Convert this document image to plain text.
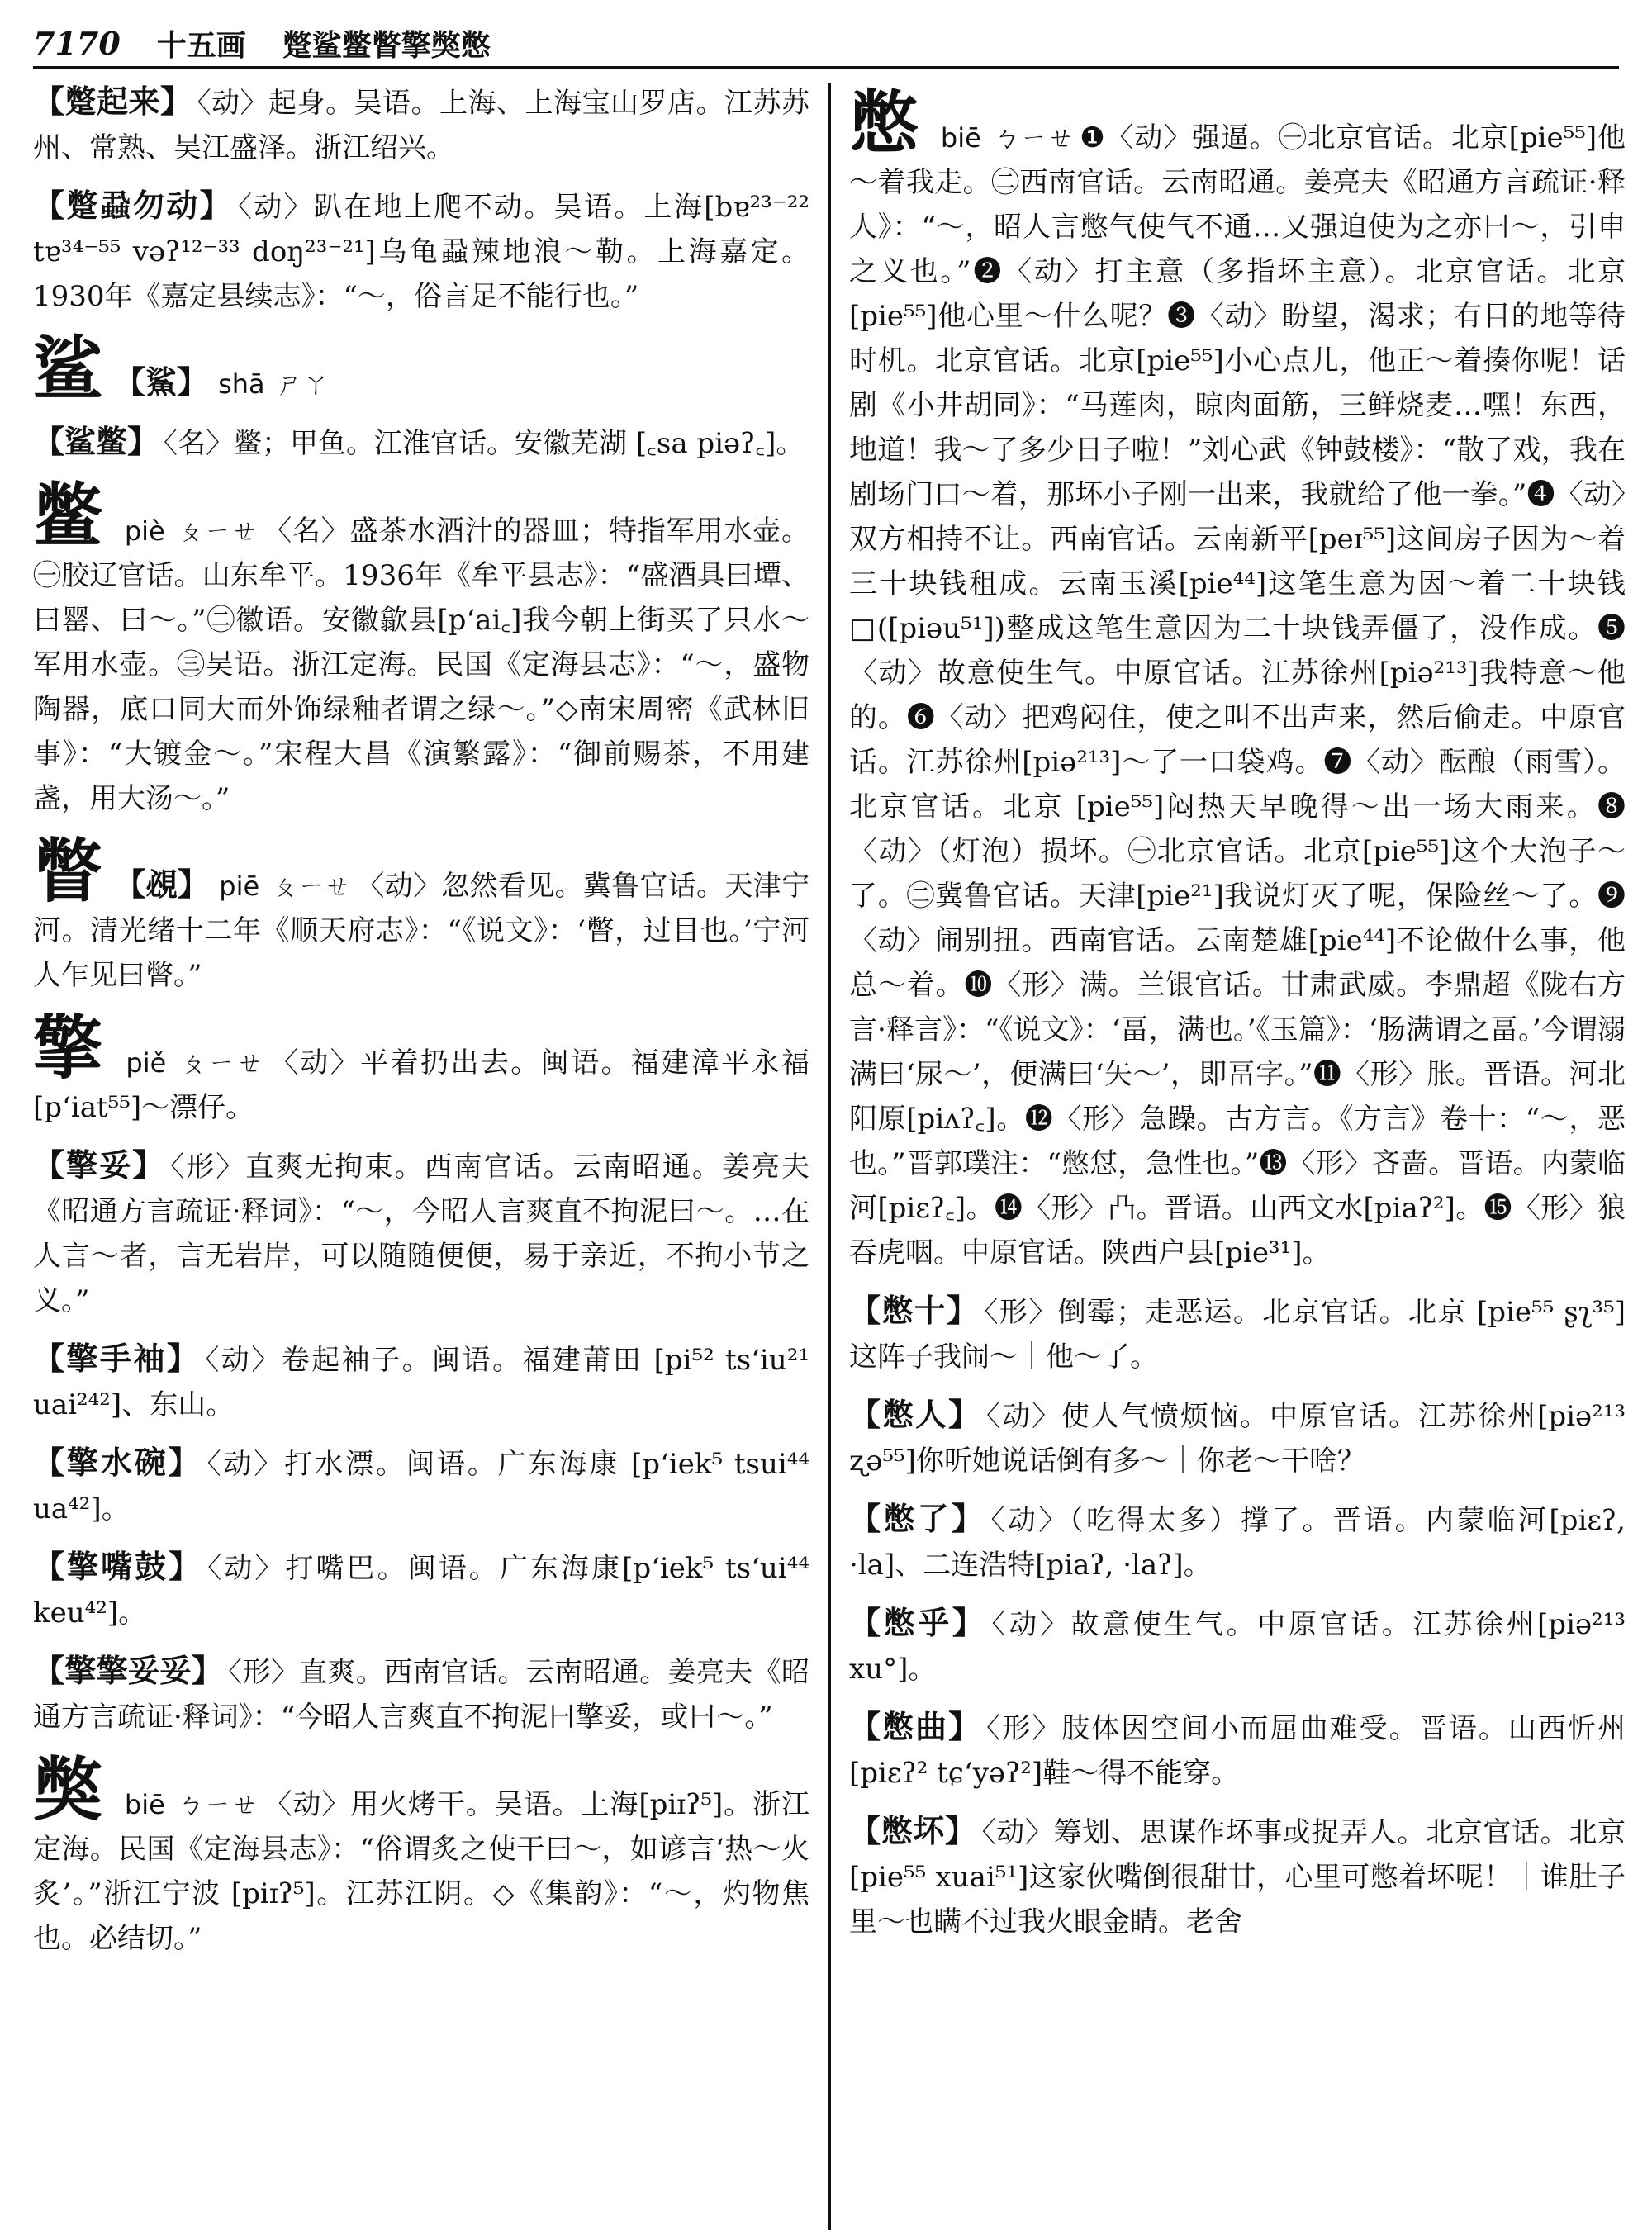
7170 十五画 蹩鲨鳖瞥擎獘憋

【 蹩起来 】 〈动〉起身。吴语。上海、上海宝山罗店。江苏苏州、常熟、吴江盛泽。浙江绍兴。

【 蹩蝨勿动 】 〈动〉趴在地上爬不动。吴语。上海[bɐ²³⁻²² tɐ³⁴⁻⁵⁵ vəʔ¹²⁻³³ doŋ²³⁻²¹]乌龟蝨辣地浪～勒。上海嘉定。1930年《嘉定县续志》：“～，俗言足不能行也。”

鲨 【 鯊 】 shā ㄕㄚ

【 鲨鳖 】 〈名〉鳖；甲鱼。江淮官话。安徽芜湖 [꜀sa piəʔ꜀]。

鳖piè ㄆㄧㄝ 〈名〉盛茶水酒汁的器皿；特指军用水壶。㊀胶辽官话。山东牟平。1936年《牟平县志》：“盛酒具曰墰、曰罂、曰～。”㊁徽语。安徽歙县[p‘ai꜀]我今朝上街买了只水～军用水壶。㊂吴语。浙江定海。民国《定海县志》：“～，盛物陶器，底口同大而外饰绿釉者谓之绿～。”◇南宋周密《武林旧事》：“大镀金～。”宋程大昌《演繁露》：“御前赐茶，不用建盏，用大汤～。”

瞥 【 覕 】 piē ㄆㄧㄝ 〈动〉忽然看见。冀鲁官话。天津宁河。清光绪十二年《顺天府志》：“《说文》：‘瞥，过目也。’宁河人乍见曰瞥。”

擎piě ㄆㄧㄝ 〈动〉平着扔出去。闽语。福建漳平永福[p‘iat⁵⁵]～漂仔。

【 擎妥 】 〈形〉直爽无拘束。西南官话。云南昭通。姜亮夫《昭通方言疏证·释词》：“～，今昭人言爽直不拘泥曰～。…在人言～者，言无岩岸，可以随随便便，易于亲近，不拘小节之义。”

【 擎手袖 】 〈动〉卷起袖子。闽语。福建莆田 [pi⁵² ts‘iu²¹ uai²⁴²]、东山。

【 擎水碗 】 〈动〉打水漂。闽语。广东海康 [p‘iek⁵ tsui⁴⁴ ua⁴²]。

【 擎嘴鼓 】 〈动〉打嘴巴。闽语。广东海康[p‘iek⁵ ts‘ui⁴⁴ keu⁴²]。

【 擎擎妥妥 】 〈形〉直爽。西南官话。云南昭通。姜亮夫《昭通方言疏证·释词》：“今昭人言爽直不拘泥曰擎妥，或曰～。”

獘biē ㄅㄧㄝ 〈动〉用火烤干。吴语。上海[piɪʔ⁵]。浙江定海。民国《定海县志》：“俗谓炙之使干曰～，如谚言‘热～火炙’。”浙江宁波 [piɪʔ⁵]。江苏江阴。◇《集韵》：“～，灼物焦也。必结切。”

憋biē ㄅㄧㄝ ❶〈动〉强逼。㊀北京官话。北京[pie⁵⁵]他～着我走。㊁西南官话。云南昭通。姜亮夫《昭通方言疏证·释人》：“～，昭人言憋气使气不通…又强迫使为之亦曰～，引申之义也。”❷〈动〉打主意（多指坏主意）。北京官话。北京[pie⁵⁵]他心里～什么呢？❸〈动〉盼望，渴求；有目的地等待时机。北京官话。北京[pie⁵⁵]小心点儿，他正～着揍你呢！话剧《小井胡同》：“马莲肉，晾肉面筋，三鲜烧麦…嘿！东西，地道！我～了多少日子啦！”刘心武《钟鼓楼》：“散了戏，我在剧场门口～着，那坏小子刚一出来，我就给了他一拳。”❹〈动〉双方相持不让。西南官话。云南新平[peɪ⁵⁵]这间房子因为～着三十块钱租成。云南玉溪[pie⁴⁴]这笔生意为因～着二十块钱□([piəu⁵¹])整成这笔生意因为二十块钱弄僵了，没作成。❺〈动〉故意使生气。中原官话。江苏徐州[piə²¹³]我特意～他的。❻〈动〉把鸡闷住，使之叫不出声来，然后偷走。中原官话。江苏徐州[piə²¹³]～了一口袋鸡。❼〈动〉酝酿（雨雪）。北京官话。北京 [pie⁵⁵]闷热天早晚得～出一场大雨来。❽〈动〉（灯泡）损坏。㊀北京官话。北京[pie⁵⁵]这个大泡子～了。㊁冀鲁官话。天津[pie²¹]我说灯灭了呢，保险丝～了。❾〈动〉闹别扭。西南官话。云南楚雄[pie⁴⁴]不论做什么事，他总～着。❿〈形〉满。兰银官话。甘肃武威。李鼎超《陇右方言·释言》：“《说文》：‘畐，满也。’《玉篇》：‘肠满谓之畐。’今谓溺满曰‘尿～’，便满曰‘矢～’，即畐字。”⓫〈形〉胀。晋语。河北阳原[piʌʔ꜀]。⓬〈形〉急躁。古方言。《方言》卷十：“～，恶也。”晋郭璞注：“憋怤，急性也。”⓭〈形〉吝啬。晋语。内蒙临河[piɛʔ꜀]。⓮〈形〉凸。晋语。山西文水[piaʔ²]。⓯〈形〉狼吞虎咽。中原官话。陕西户县[pie³¹]。

【 憋十 】 〈形〉倒霉；走恶运。北京官话。北京 [pie⁵⁵ ʂʅ³⁵]这阵子我闹～｜他～了。

【 憋人 】 〈动〉使人气愤烦恼。中原官话。江苏徐州[piə²¹³ ʐə⁵⁵]你听她说话倒有多～｜你老～干啥？

【 憋了 】 〈动〉（吃得太多）撑了。晋语。内蒙临河[piɛʔ, ·la]、二连浩特[piaʔ, ·laʔ]。

【 憋乎 】 〈动〉故意使生气。中原官话。江苏徐州[piə²¹³ xu°]。

【 憋曲 】 〈形〉肢体因空间小而屈曲难受。晋语。山西忻州[piɛʔ² tɕ‘yəʔ²]鞋～得不能穿。

【 憋坏 】 〈动〉筹划、思谋作坏事或捉弄人。北京官话。北京 [pie⁵⁵ xuai⁵¹]这家伙嘴倒很甜甘，心里可憋着坏呢！｜谁肚子里～也瞒不过我火眼金睛。老舍
